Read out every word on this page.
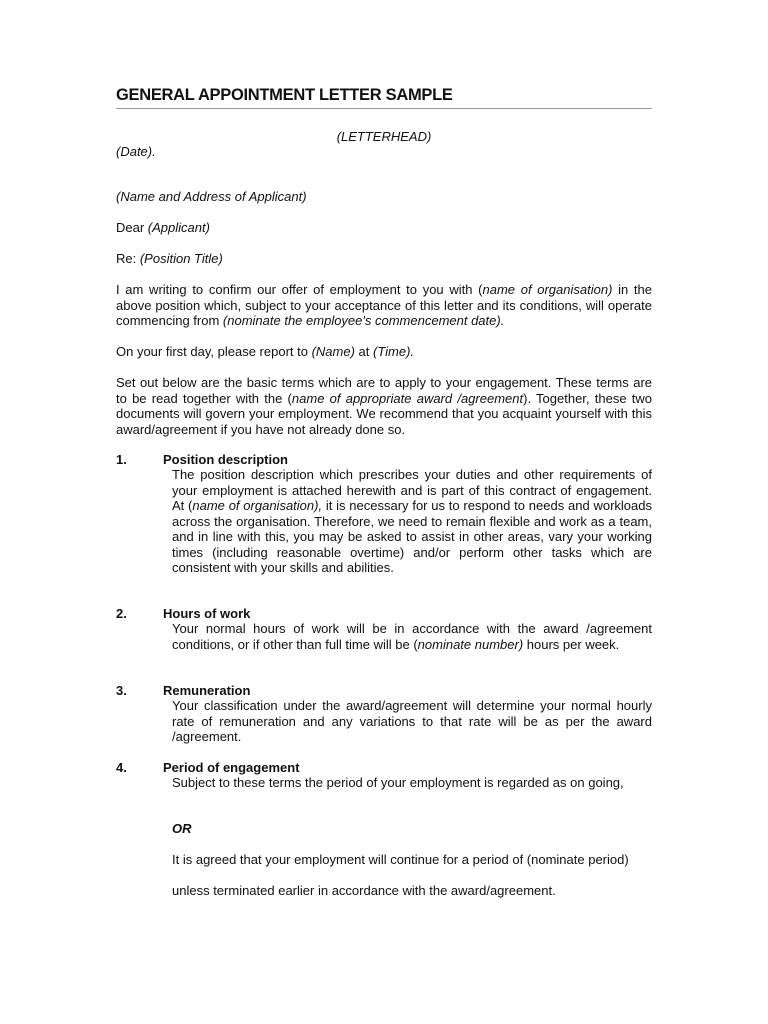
GENERAL APPOINTMENT LETTER SAMPLE
(LETTERHEAD)
(Date).
(Name and Address of Applicant)
Dear (Applicant)
Re: (Position Title)
I am writing to confirm our offer of employment to you with (name of organisation) in the above position which, subject to your acceptance of this letter and its conditions, will operate commencing from (nominate the employee's commencement date).
On your first day, please report to (Name) at (Time).
Set out below are the basic terms which are to apply to your engagement. These terms are to be read together with the (name of appropriate award /agreement). Together, these two documents will govern your employment. We recommend that you acquaint yourself with this award/agreement if you have not already done so.
1.	Position description
The position description which prescribes your duties and other requirements of your employment is attached herewith and is part of this contract of engagement. At (name of organisation), it is necessary for us to respond to needs and workloads across the organisation. Therefore, we need to remain flexible and work as a team, and in line with this, you may be asked to assist in other areas, vary your working times (including reasonable overtime) and/or perform other tasks which are consistent with your skills and abilities.
2.	Hours of work
Your normal hours of work will be in accordance with the award /agreement conditions, or if other than full time will be (nominate number) hours per week.
3.	Remuneration
Your classification under the award/agreement will determine your normal hourly rate of remuneration and any variations to that rate will be as per the award /agreement.
4.	Period of engagement
Subject to these terms the period of your employment is regarded as on going,
OR
It is agreed that your employment will continue for a period of (nominate period)
unless terminated earlier in accordance with the award/agreement.
